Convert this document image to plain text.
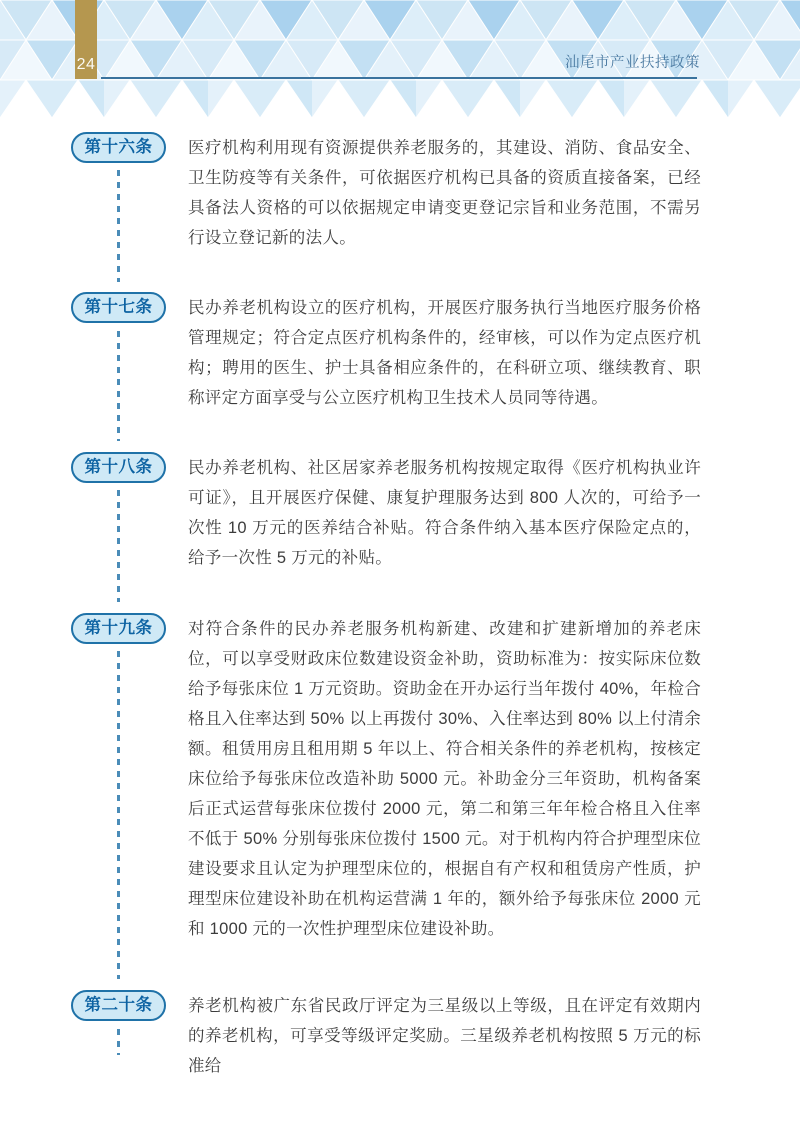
24	汕尾市产业扶持政策
第十六条	医疗机构利用现有资源提供养老服务的，其建设、消防、食品安全、卫生防疫等有关条件，可依据医疗机构已具备的资质直接备案，已经具备法人资格的可以依据规定申请变更登记宗旨和业务范围，不需另行设立登记新的法人。
第十七条	民办养老机构设立的医疗机构，开展医疗服务执行当地医疗服务价格管理规定；符合定点医疗机构条件的，经审核，可以作为定点医疗机构；聘用的医生、护士具备相应条件的，在科研立项、继续教育、职称评定方面享受与公立医疗机构卫生技术人员同等待遇。
第十八条	民办养老机构、社区居家养老服务机构按规定取得《医疗机构执业许可证》，且开展医疗保健、康复护理服务达到 800 人次的，可给予一次性 10 万元的医养结合补贴。符合条件纳入基本医疗保险定点的，给予一次性 5 万元的补贴。
第十九条	对符合条件的民办养老服务机构新建、改建和扩建新增加的养老床位，可以享受财政床位数建设资金补助，资助标准为：按实际床位数给予每张床位 1 万元资助。资助金在开办运行当年拨付 40%，年检合格且入住率达到 50% 以上再拨付 30%、入住率达到 80% 以上付清余额。租赁用房且租用期 5 年以上、符合相关条件的养老机构，按核定床位给予每张床位改造补助 5000 元。补助金分三年资助，机构备案后正式运营每张床位拨付 2000 元，第二和第三年年检合格且入住率不低于 50% 分别每张床位拨付 1500 元。对于机构内符合护理型床位建设要求且认定为护理型床位的，根据自有产权和租赁房产性质，护理型床位建设补助在机构运营满 1 年的，额外给予每张床位 2000 元和 1000 元的一次性护理型床位建设补助。
第二十条	养老机构被广东省民政厅评定为三星级以上等级，且在评定有效期内的养老机构，可享受等级评定奖励。三星级养老机构按照 5 万元的标准给
